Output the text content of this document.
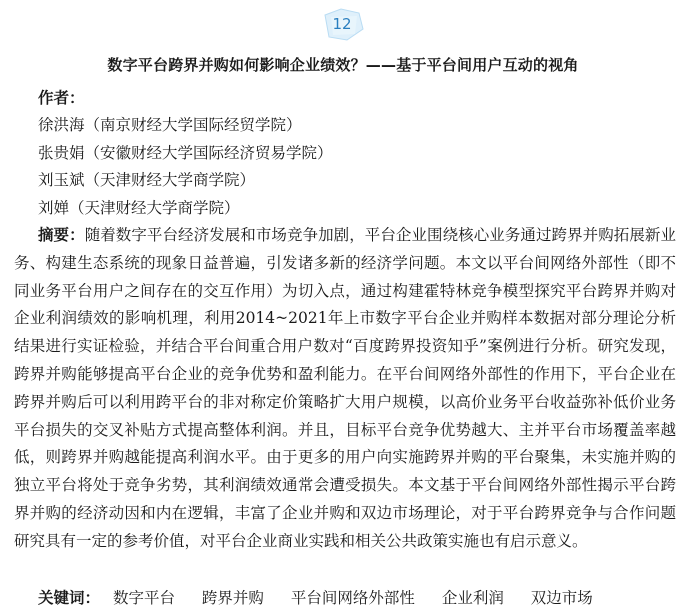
12
数字平台跨界并购如何影响企业绩效？——基于平台间用户互动的视角
作者：
徐洪海（南京财经大学国际经贸学院）
张贵娟（安徽财经大学国际经济贸易学院）
刘玉斌（天津财经大学商学院）
刘婵（天津财经大学商学院）

摘要：随着数字平台经济发展和市场竞争加剧，平台企业围绕核心业务通过跨界并购拓展新业务、构建生态系统的现象日益普遍，引发诸多新的经济学问题。本文以平台间网络外部性（即不同业务平台用户之间存在的交互作用）为切入点，通过构建霍特林竞争模型探究平台跨界并购对企业利润绩效的影响机理，利用2014~2021年上市数字平台企业并购样本数据对部分理论分析结果进行实证检验，并结合平台间重合用户数对“百度跨界投资知乎”案例进行分析。研究发现，跨界并购能够提高平台企业的竞争优势和盈利能力。在平台间网络外部性的作用下，平台企业在跨界并购后可以利用跨平台的非对称定价策略扩大用户规模，以高价业务平台收益弥补低价业务平台损失的交叉补贴方式提高整体利润。并且，目标平台竞争优势越大、主并平台市场覆盖率越低，则跨界并购越能提高利润水平。由于更多的用户向实施跨界并购的平台聚集，未实施并购的独立平台将处于竞争劣势，其利润绩效通常会遭受损失。本文基于平台间网络外部性揭示平台跨界并购的经济动因和内在逻辑，丰富了企业并购和双边市场理论，对于平台跨界竞争与合作问题研究具有一定的参考价值，对平台企业商业实践和相关公共政策实施也有启示意义。

关键词： 数字平台 跨界并购 平台间网络外部性 企业利润 双边市场
